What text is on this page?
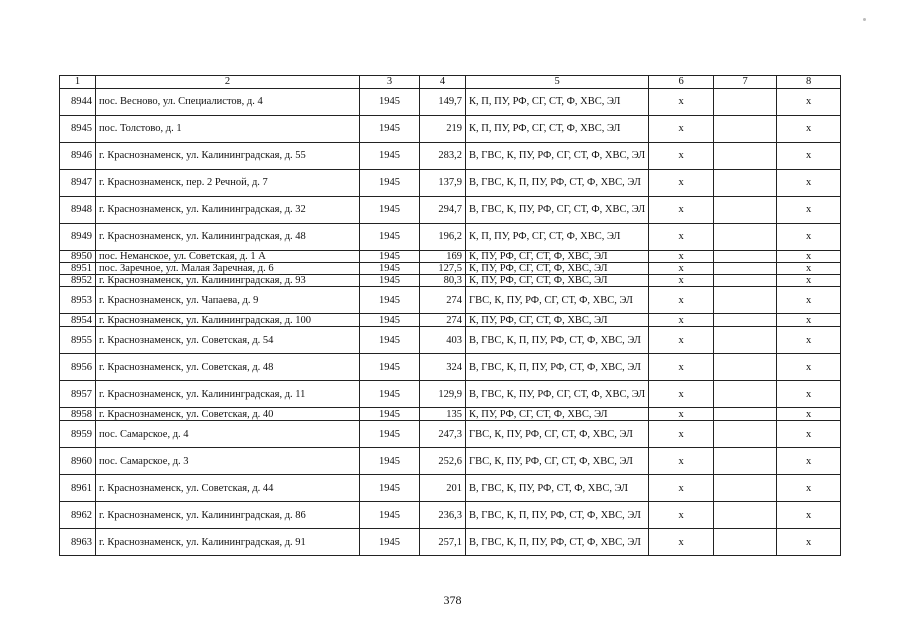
1	2	3	4	5	6	7	8
8944	пос. Весново, ул. Специалистов, д. 4	1945	149,7	К, П, ПУ, РФ, СГ, СТ, Ф, ХВС, ЭЛ	х		х
8945	пос. Толстово, д. 1	1945	219	К, П, ПУ, РФ, СГ, СТ, Ф, ХВС, ЭЛ	х		х
8946	г. Краснознаменск, ул. Калининградская, д. 55	1945	283,2	В, ГВС, К, ПУ, РФ, СГ, СТ, Ф, ХВС, ЭЛ	х		х
8947	г. Краснознаменск, пер. 2 Речной, д. 7	1945	137,9	В, ГВС, К, П, ПУ, РФ, СТ, Ф, ХВС, ЭЛ	х		х
8948	г. Краснознаменск, ул. Калининградская, д. 32	1945	294,7	В, ГВС, К, ПУ, РФ, СГ, СТ, Ф, ХВС, ЭЛ	х		х
8949	г. Краснознаменск, ул. Калининградская, д. 48	1945	196,2	К, П, ПУ, РФ, СГ, СТ, Ф, ХВС, ЭЛ	х		х
8950	пос. Неманское, ул. Советская, д. 1 А	1945	169	К, ПУ, РФ, СГ, СТ, Ф, ХВС, ЭЛ	х		х
8951	пос. Заречное, ул. Малая Заречная, д. 6	1945	127,5	К, ПУ, РФ, СГ, СТ, Ф, ХВС, ЭЛ	х		х
8952	г. Краснознаменск, ул. Калининградская, д. 93	1945	80,3	К, ПУ, РФ, СГ, СТ, Ф, ХВС, ЭЛ	х		х
8953	г. Краснознаменск, ул. Чапаева, д. 9	1945	274	ГВС, К, ПУ, РФ, СГ, СТ, Ф, ХВС, ЭЛ	х		х
8954	г. Краснознаменск, ул. Калининградская, д. 100	1945	274	К, ПУ, РФ, СГ, СТ, Ф, ХВС, ЭЛ	х		х
8955	г. Краснознаменск, ул. Советская, д. 54	1945	403	В, ГВС, К, П, ПУ, РФ, СТ, Ф, ХВС, ЭЛ	х		х
8956	г. Краснознаменск, ул. Советская, д. 48	1945	324	В, ГВС, К, П, ПУ, РФ, СТ, Ф, ХВС, ЭЛ	х		х
8957	г. Краснознаменск, ул. Калининградская, д. 11	1945	129,9	В, ГВС, К, ПУ, РФ, СГ, СТ, Ф, ХВС, ЭЛ	х		х
8958	г. Краснознаменск, ул. Советская, д. 40	1945	135	К, ПУ, РФ, СГ, СТ, Ф, ХВС, ЭЛ	х		х
8959	пос. Самарское, д. 4	1945	247,3	ГВС, К, ПУ, РФ, СГ, СТ, Ф, ХВС, ЭЛ	х		х
8960	пос. Самарское, д. 3	1945	252,6	ГВС, К, ПУ, РФ, СГ, СТ, Ф, ХВС, ЭЛ	х		х
8961	г. Краснознаменск, ул. Советская, д. 44	1945	201	В, ГВС, К, ПУ, РФ, СТ, Ф, ХВС, ЭЛ	х		х
8962	г. Краснознаменск, ул. Калининградская, д. 86	1945	236,3	В, ГВС, К, П, ПУ, РФ, СТ, Ф, ХВС, ЭЛ	х		х
8963	г. Краснознаменск, ул. Калининградская, д. 91	1945	257,1	В, ГВС, К, П, ПУ, РФ, СТ, Ф, ХВС, ЭЛ	х		х
378
